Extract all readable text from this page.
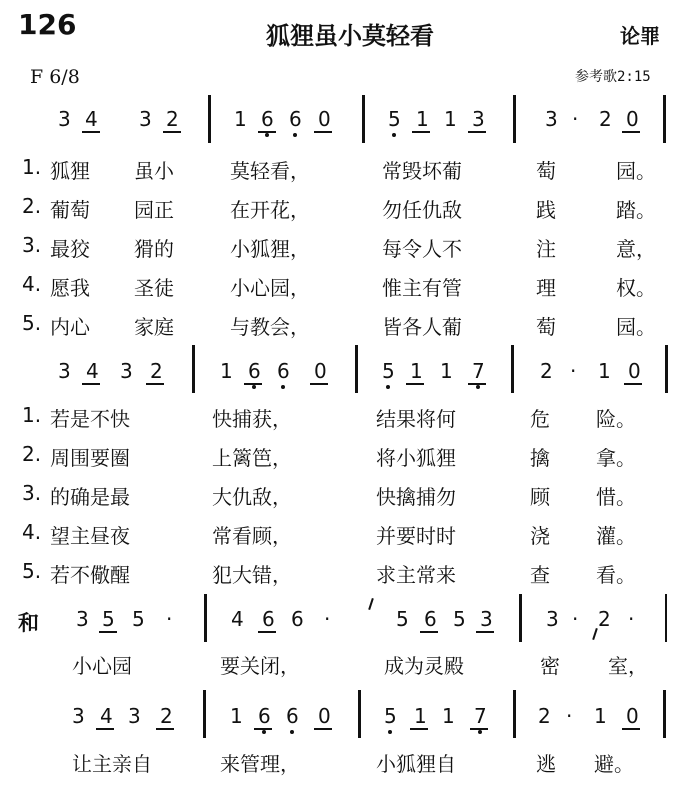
126	狐狸虽小莫轻看	论罪
F 6/8	参考歌2:15
3 4 3 2	1 6 6 0	5 1 1 3	3 · 2 0
1. 狐狸 虽小	莫轻看，	常毁坏葡	萄	园。
2. 葡萄 园正	在开花，	勿任仇敌	践	踏。
3. 最狡 猾的	小狐狸，	每令人不	注	意，
4. 愿我 圣徒	小心园，	惟主有管	理	权。
5. 内心 家庭	与教会，	皆各人葡	萄	园。
3 4 3 2	1 6 6 0	5 1 1 7	2 · 1 0
1. 若是不快	快捕获，	结果将何	危 险。
2. 周围要圈	上篱笆，	将小狐狸	擒 拿。
3. 的确是最	大仇敌，	快擒捕勿	顾 惜。
4. 望主昼夜	常看顾，	并要时时	浇 灌。
5. 若不儆醒	犯大错，	求主常来	查 看。
和 3 5 5 ·	4 6 6 ·	5 6 5 3	3 · 2 ·
小心园	要关闭，	成为灵殿	密 室，
3 4 3 2	1 6 6 0	5 1 1 7	2 · 1 0
让主亲自	来管理，	小狐狸自	逃 避。
